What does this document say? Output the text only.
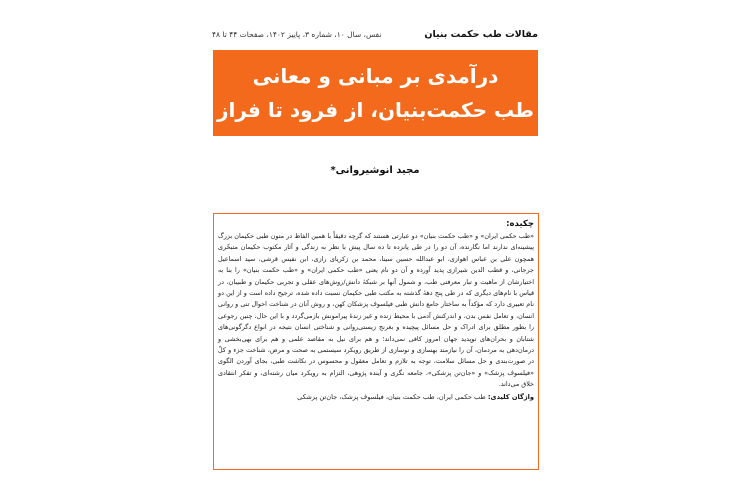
مقالات طب حکمت بنیان
نفس، سال ۱۰، شماره ۳، پاییز ۱۴۰۲، صفحات ۴۴ تا ۴۸
درآمدی بر مبانی و معانی
طب حکمت‌بنیان، از فرود تا فراز
مجید انوشیروانی*
چکیده:
«طب حکمی ایران» و «طب حکمت بنیان» دو عبارتی هستند که گرچه دقیقاً با همین الفاظ در متون طبی حکیمان بزرگ پیشینه‌ای ندارند اما نگارنده، آن دو را در طی پانزده تا ده سال پیش با نظر به زندگی و آثار مکتوب حکیمان متبحّری همچون علی بن عباس اهوازی، ابو عبدالله حسین سینا، محمد بن زکریای رازی، ابن نفیس قرشی، سید اسماعیل جرجانی، و قطب الدین شیرازی پدید آورده و آن دو نام یعنی «طب حکمی ایران» و «طب حکمت بنیان» را بنا به اختیارشان از ماهیت و تبار معرفتی طب، و شمول آنها بر شبکهٔ دانش/روش‌های عقلی و تجربی حکیمان و طبیبان، در قیاس با نام‌های دیگری که در طی پنج دههٔ گذشته به مکتب طبی حکیمان نسبت داده شده، ترجیح داده است و از این دو نام تعبیری دارد که مؤکداً به ساختار جامع دانش طبی فیلسوف پزشکان کهن، و روش آنان در شناخت احوال تنی و روانی انسان، و تعامل نفس بدن، و اندرکنش آدمی با محیط زنده و غیر زندهٔ پیرامونش بازمی‌گردد و با این حال، چنین رجوعی را بطور مطلق برای ادراک و حل مسائل پیچیده و بغرنج زیستی‌روانی و شناختی انسان نتیجه در انواع دگرگونی‌های شتابان و بحران‌های توپدید جهان امروز کافی نمی‌داند؛ و هم برای نیل به مقاصد علمی و هم برای بهی‌بخشی و درمان‌دهی به مردمان، آن را نیازمند بهسازی و نوسازی از طریق رویکرد سیستمی به صحت و مرض، شناخت جزء و کلّ در صورت‌بندی و حل مسائل سلامت، توجه به تلازم و تعامل معقول و محسوس در نکاشت طبی، بجای آوردن الگوی «فیلسوف پزشک» و «جان‌تن پزشکی»، جامعه نگری و آینده پژوهی، التزام به رویکرد میان رشته‌ای، و تفکر انتقادی خلاق می‌داند.
واژگان کلیدی: طب حکمی ایران، طب حکمت بنیان، فیلسوف پزشک، جان‌تن پزشکی
